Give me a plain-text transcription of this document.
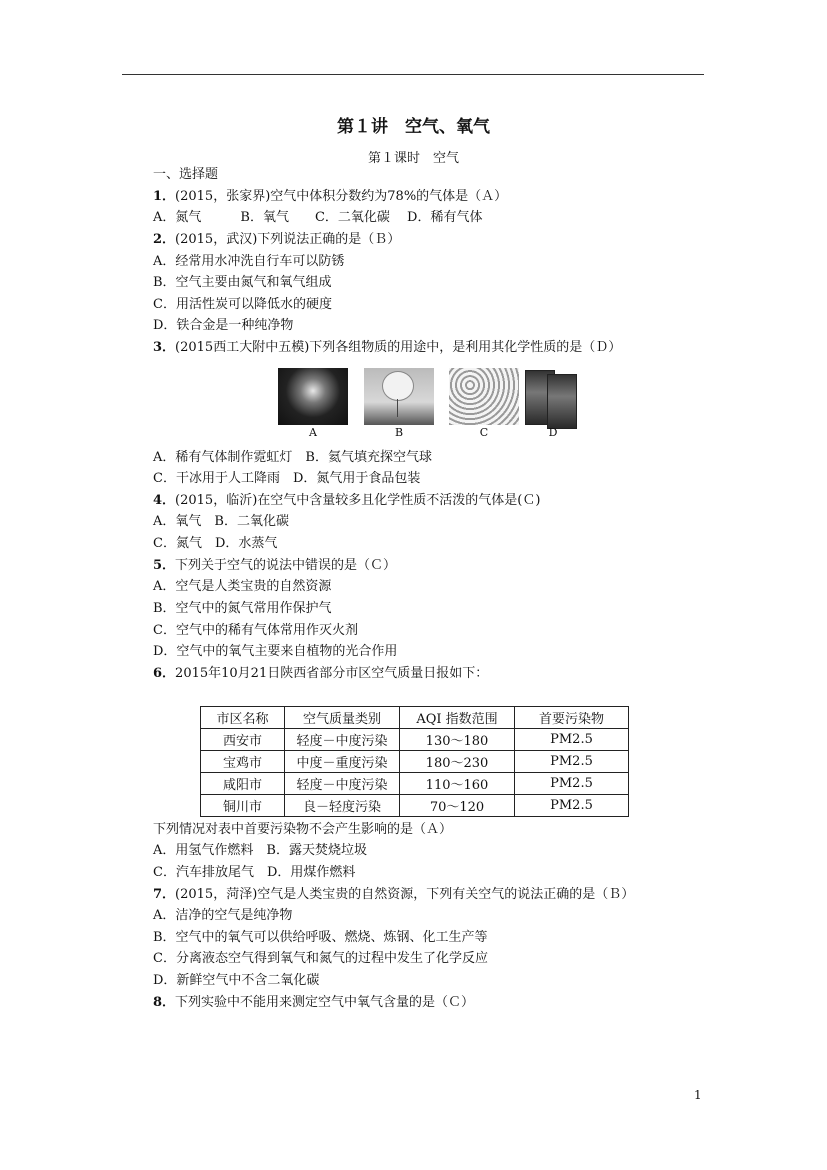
第１讲　空气、氧气
第１课时　空气
一、选择题
1．(2015，张家界)空气中体积分数约为78%的气体是（Ａ）
A．氮气　　　B．氧气　　C．二氧化碳　 D．稀有气体
2．(2015，武汉)下列说法正确的是（Ｂ）
A．经常用水冲洗自行车可以防锈
B．空气主要由氮气和氧气组成
C．用活性炭可以降低水的硬度
D．铁合金是一种纯净物
3．(2015西工大附中五模)下列各组物质的用途中，是利用其化学性质的是（Ｄ）
A	B	C	D
A．稀有气体制作霓虹灯　B．氦气填充探空气球
C．干冰用于人工降雨　D．氮气用于食品包装
4．(2015，临沂)在空气中含量较多且化学性质不活泼的气体是(Ｃ)
A．氧气　B．二氧化碳
C．氮气　D．水蒸气
5．下列关于空气的说法中错误的是（Ｃ）
A．空气是人类宝贵的自然资源
B．空气中的氮气常用作保护气
C．空气中的稀有气体常用作灭火剂
D．空气中的氧气主要来自植物的光合作用
6．2015年10月21日陕西省部分市区空气质量日报如下：
市区名称	空气质量类别	AQI 指数范围	首要污染物
西安市	轻度－中度污染	130～180	PM2.5
宝鸡市	中度－重度污染	180～230	PM2.5
咸阳市	轻度－中度污染	110～160	PM2.5
铜川市	良－轻度污染	70～120	PM2.5
下列情况对表中首要污染物不会产生影响的是（Ａ）
A．用氢气作燃料　B．露天焚烧垃圾
C．汽车排放尾气　D．用煤作燃料
7．(2015，菏泽)空气是人类宝贵的自然资源，下列有关空气的说法正确的是（Ｂ）
A．洁净的空气是纯净物
B．空气中的氧气可以供给呼吸、燃烧、炼钢、化工生产等
C．分离液态空气得到氧气和氮气的过程中发生了化学反应
D．新鲜空气中不含二氧化碳
8．下列实验中不能用来测定空气中氧气含量的是（Ｃ）
1
